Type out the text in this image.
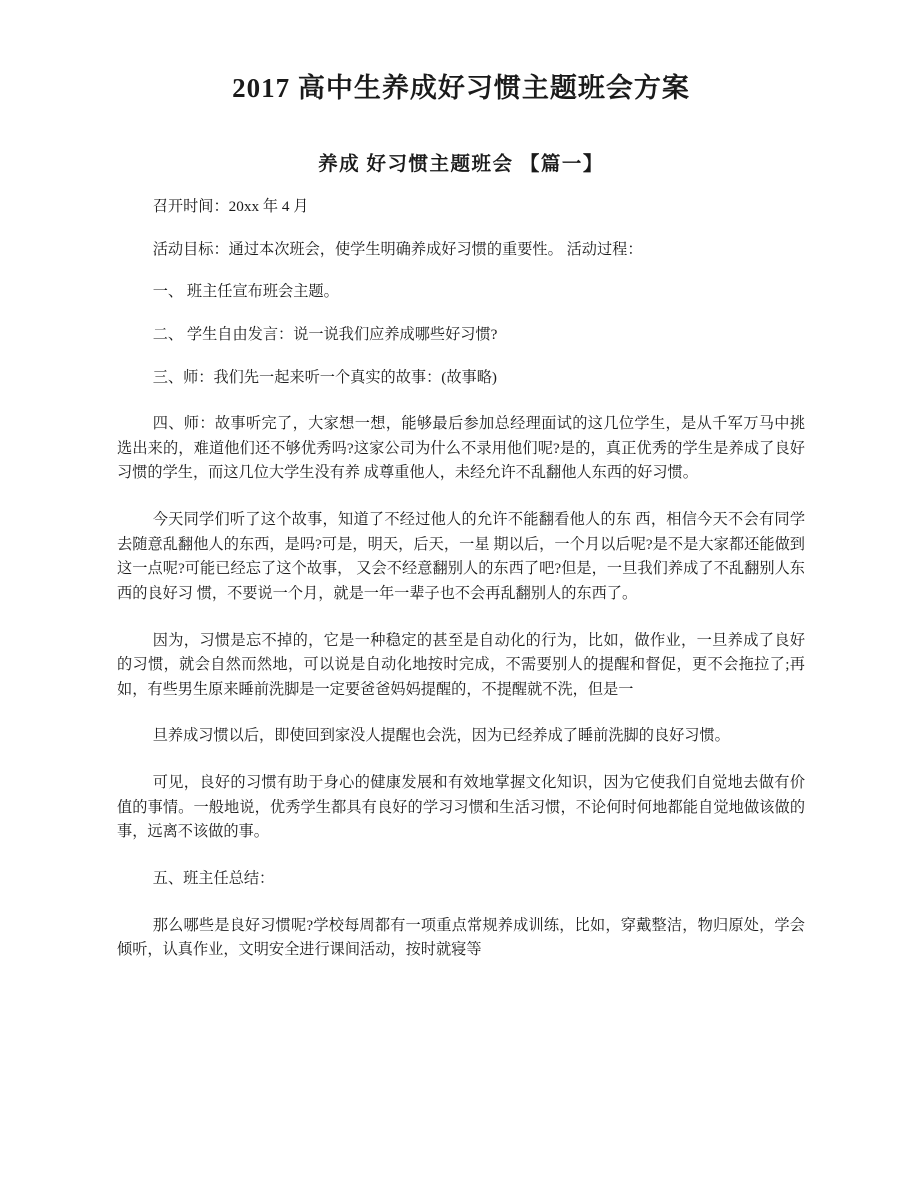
2017 高中生养成好习惯主题班会方案
养成 好习惯主题班会 【篇一】

召开时间：20xx 年 4 月

活动目标：通过本次班会，使学生明确养成好习惯的重要性。 活动过程：

一、 班主任宣布班会主题。

二、 学生自由发言：说一说我们应养成哪些好习惯?

三、师：我们先一起来听一个真实的故事：(故事略)

四、师：故事听完了，大家想一想，能够最后参加总经理面试的这几位学生，是从千军万马中挑选出来的，难道他们还不够优秀吗?这家公司为什么不录用他们呢?是的，真正优秀的学生是养成了良好习惯的学生，而这几位大学生没有养 成尊重他人，未经允许不乱翻他人东西的好习惯。

今天同学们听了这个故事，知道了不经过他人的允许不能翻看他人的东 西，相信今天不会有同学去随意乱翻他人的东西，是吗?可是，明天，后天，一星 期以后，一个月以后呢?是不是大家都还能做到这一点呢?可能已经忘了这个故事， 又会不经意翻别人的东西了吧?但是，一旦我们养成了不乱翻别人东西的良好习 惯，不要说一个月，就是一年一辈子也不会再乱翻别人的东西了。

因为，习惯是忘不掉的，它是一种稳定的甚至是自动化的行为，比如，做作业，一旦养成了良好的习惯，就会自然而然地，可以说是自动化地按时完成，不需要别人的提醒和督促，更不会拖拉了;再如，有些男生原来睡前洗脚是一定要爸爸妈妈提醒的，不提醒就不洗，但是一

旦养成习惯以后，即使回到家没人提醒也会洗，因为已经养成了睡前洗脚的良好习惯。

可见，良好的习惯有助于身心的健康发展和有效地掌握文化知识，因为它使我们自觉地去做有价值的事情。一般地说，优秀学生都具有良好的学习习惯和生活习惯，不论何时何地都能自觉地做该做的事，远离不该做的事。

五、班主任总结：

那么哪些是良好习惯呢?学校每周都有一项重点常规养成训练，比如，穿戴整洁，物归原处，学会倾听，认真作业，文明安全进行课间活动，按时就寝等
